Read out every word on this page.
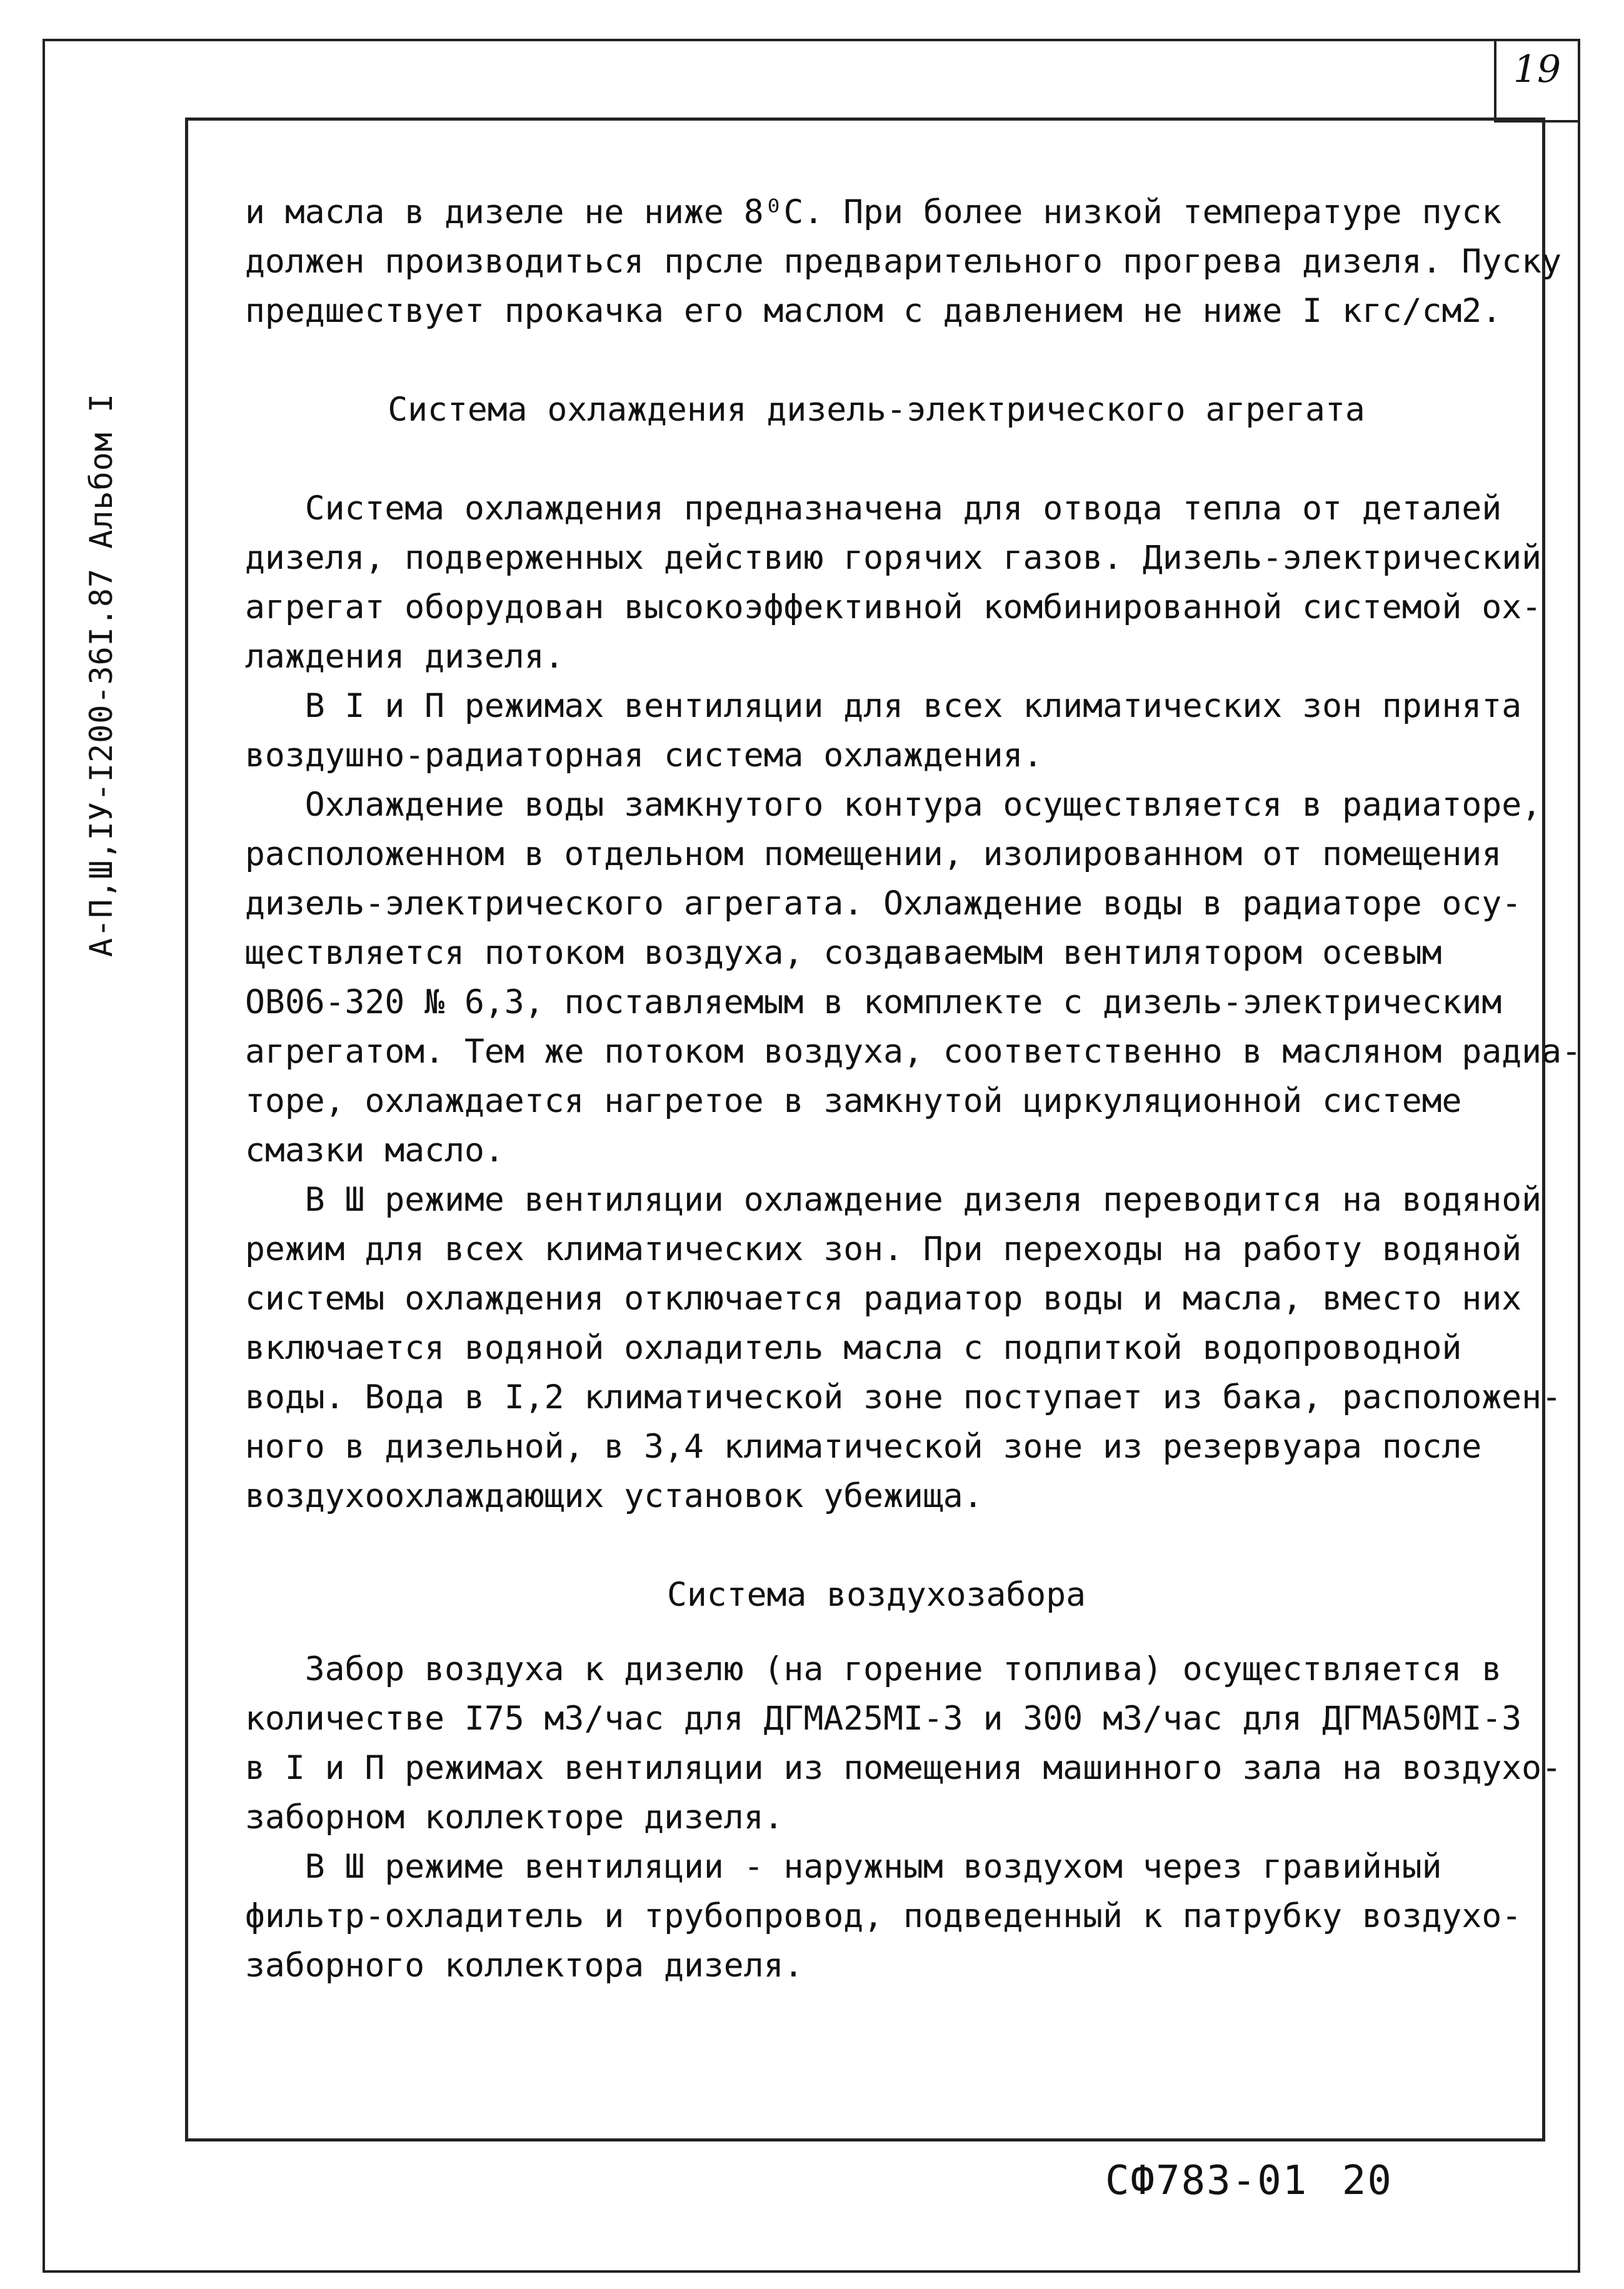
19
А-П,Ш,IУ-I200-36I.87 Альбом I
и масла в дизеле не ниже 8⁰С. При более низкой температуре пуск
должен производиться прсле предварительного прогрева дизеля. Пуску
предшествует прокачка его маслом с давлением не ниже I кгс/см2.
Система охлаждения дизель-электрического агрегата
Система охлаждения предназначена для отвода тепла от деталей
дизеля, подверженных действию горячих газов. Дизель-электрический
агрегат оборудован высокоэффективной комбинированной системой ох-
лаждения дизеля.
В I и П режимах вентиляции для всех климатических зон принята
воздушно-радиаторная система охлаждения.
Охлаждение воды замкнутого контура осуществляется в радиаторе,
расположенном в отдельном помещении, изолированном от помещения
дизель-электрического агрегата. Охлаждение воды в радиаторе осу-
ществляется потоком воздуха, создаваемым вентилятором осевым
ОВ06-320 № 6,3, поставляемым в комплекте с дизель-электрическим
агрегатом. Тем же потоком воздуха, соответственно в масляном радиа-
торе, охлаждается нагретое в замкнутой циркуляционной системе
смазки масло.
В Ш режиме вентиляции охлаждение дизеля переводится на водяной
режим для всех климатических зон. При переходы на работу водяной
системы охлаждения отключается радиатор воды и масла, вместо них
включается водяной охладитель масла с подпиткой водопроводной
воды. Вода в I,2 климатической зоне поступает из бака, расположен-
ного в дизельной, в 3,4 климатической зоне из резервуара после
воздухоохлаждающих установок убежища.
Система воздухозабора
Забор воздуха к дизелю (на горение топлива) осуществляется в
количестве I75 м3/час для ДГМА25МI-3 и 300 м3/час для ДГМА50МI-3
в I и П режимах вентиляции из помещения машинного зала на воздухо-
заборном коллекторе дизеля.
В Ш режиме вентиляции - наружным воздухом через гравийный
фильтр-охладитель и трубопровод, подведенный к патрубку воздухо-
заборного коллектора дизеля.
СФ783-01 20
